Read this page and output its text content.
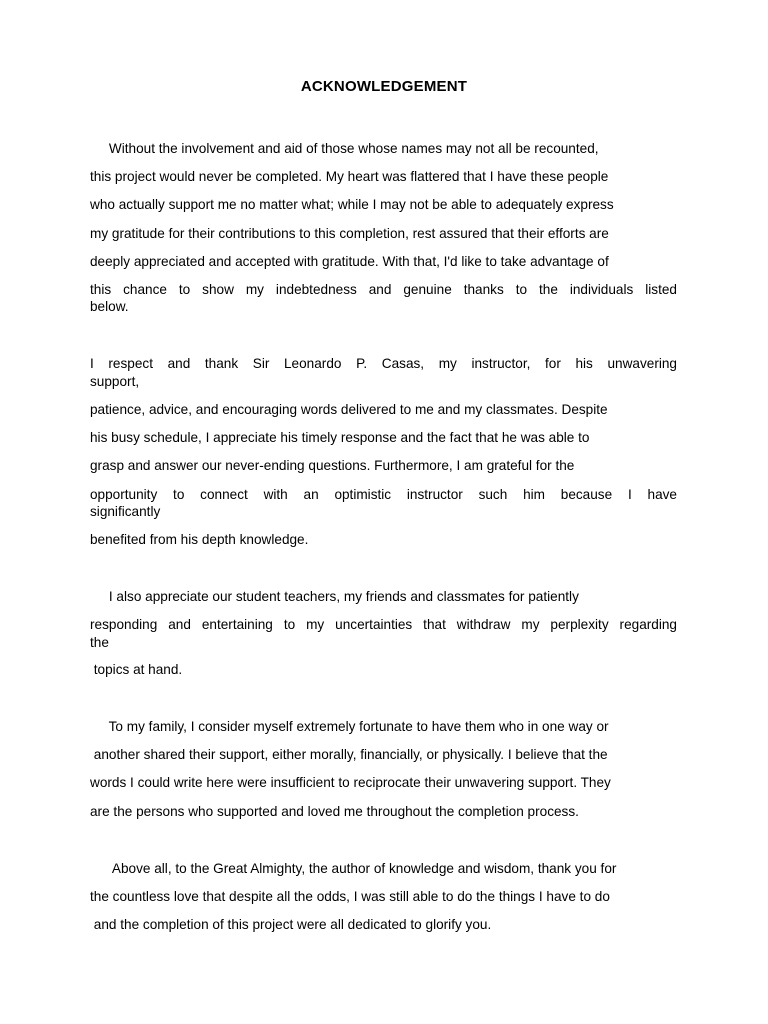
ACKNOWLEDGEMENT
Without the involvement and aid of those whose names may not all be recounted,
this project would never be completed. My heart was flattered that I have these people
who actually support me no matter what; while I may not be able to adequately express
my gratitude for their contributions to this completion, rest assured that their efforts are
deeply appreciated and accepted with gratitude. With that, I'd like to take advantage of
this chance to show my indebtedness and genuine thanks to the individuals listed
below.
I respect and thank Sir Leonardo P. Casas, my instructor, for his unwavering
support,
patience, advice, and encouraging words delivered to me and my classmates. Despite
his busy schedule, I appreciate his timely response and the fact that he was able to
grasp and answer our never-ending questions. Furthermore, I am grateful for the
opportunity to connect with an optimistic instructor such him because I have
significantly
benefited from his depth knowledge.
I also appreciate our student teachers, my friends and classmates for patiently
responding and entertaining to my uncertainties that withdraw my perplexity regarding
the
topics at hand.
To my family, I consider myself extremely fortunate to have them who in one way or
another shared their support, either morally, financially, or physically. I believe that the
words I could write here were insufficient to reciprocate their unwavering support. They
are the persons who supported and loved me throughout the completion process.
Above all, to the Great Almighty, the author of knowledge and wisdom, thank you for
the countless love that despite all the odds, I was still able to do the things I have to do
and the completion of this project were all dedicated to glorify you.
